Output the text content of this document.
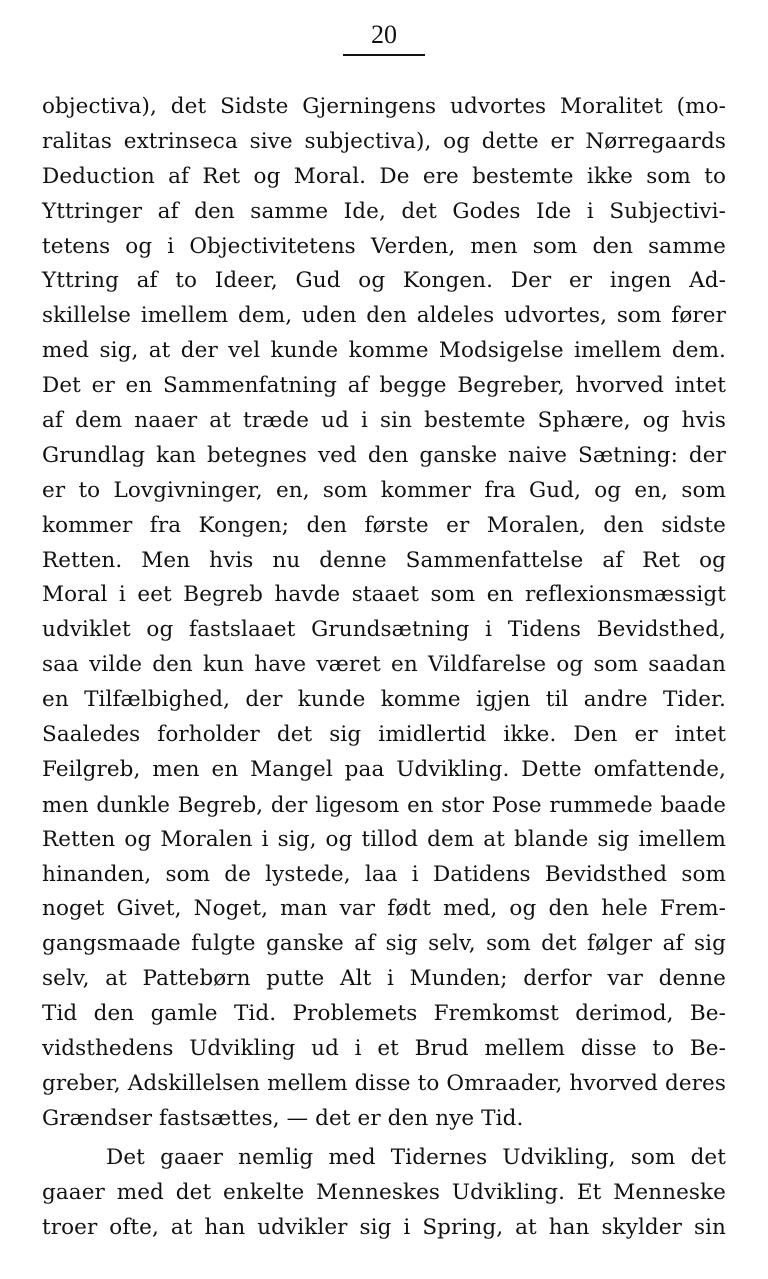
20
objectiva), det Sidste Gjerningens udvortes Moralitet (mo-
ralitas extrinseca sive subjectiva), og dette er Nørregaards
Deduction af Ret og Moral. De ere bestemte ikke som to
Yttringer af den samme Ide, det Godes Ide i Subjectivi-
tetens og i Objectivitetens Verden, men som den samme
Yttring af to Ideer, Gud og Kongen. Der er ingen Ad-
skillelse imellem dem, uden den aldeles udvortes, som fører
med sig, at der vel kunde komme Modsigelse imellem dem.
Det er en Sammenfatning af begge Begreber, hvorved intet
af dem naaer at træde ud i sin bestemte Sphære, og hvis
Grundlag kan betegnes ved den ganske naive Sætning: der
er to Lovgivninger, en, som kommer fra Gud, og en, som
kommer fra Kongen; den første er Moralen, den sidste
Retten. Men hvis nu denne Sammenfattelse af Ret og
Moral i eet Begreb havde staaet som en reflexionsmæssigt
udviklet og fastslaaet Grundsætning i Tidens Bevidsthed,
saa vilde den kun have været en Vildfarelse og som saadan
en Tilfælbighed, der kunde komme igjen til andre Tider.
Saaledes forholder det sig imidlertid ikke. Den er intet
Feilgreb, men en Mangel paa Udvikling. Dette omfattende,
men dunkle Begreb, der ligesom en stor Pose rummede baade
Retten og Moralen i sig, og tillod dem at blande sig imellem
hinanden, som de lystede, laa i Datidens Bevidsthed som
noget Givet, Noget, man var født med, og den hele Frem-
gangsmaade fulgte ganske af sig selv, som det følger af sig
selv, at Pattebørn putte Alt i Munden; derfor var denne
Tid den gamle Tid. Problemets Fremkomst derimod, Be-
vidsthedens Udvikling ud i et Brud mellem disse to Be-
greber, Adskillelsen mellem disse to Omraader, hvorved deres
Grændser fastsættes, — det er den nye Tid.
Det gaaer nemlig med Tidernes Udvikling, som det
gaaer med det enkelte Menneskes Udvikling. Et Menneske
troer ofte, at han udvikler sig i Spring, at han skylder sin
